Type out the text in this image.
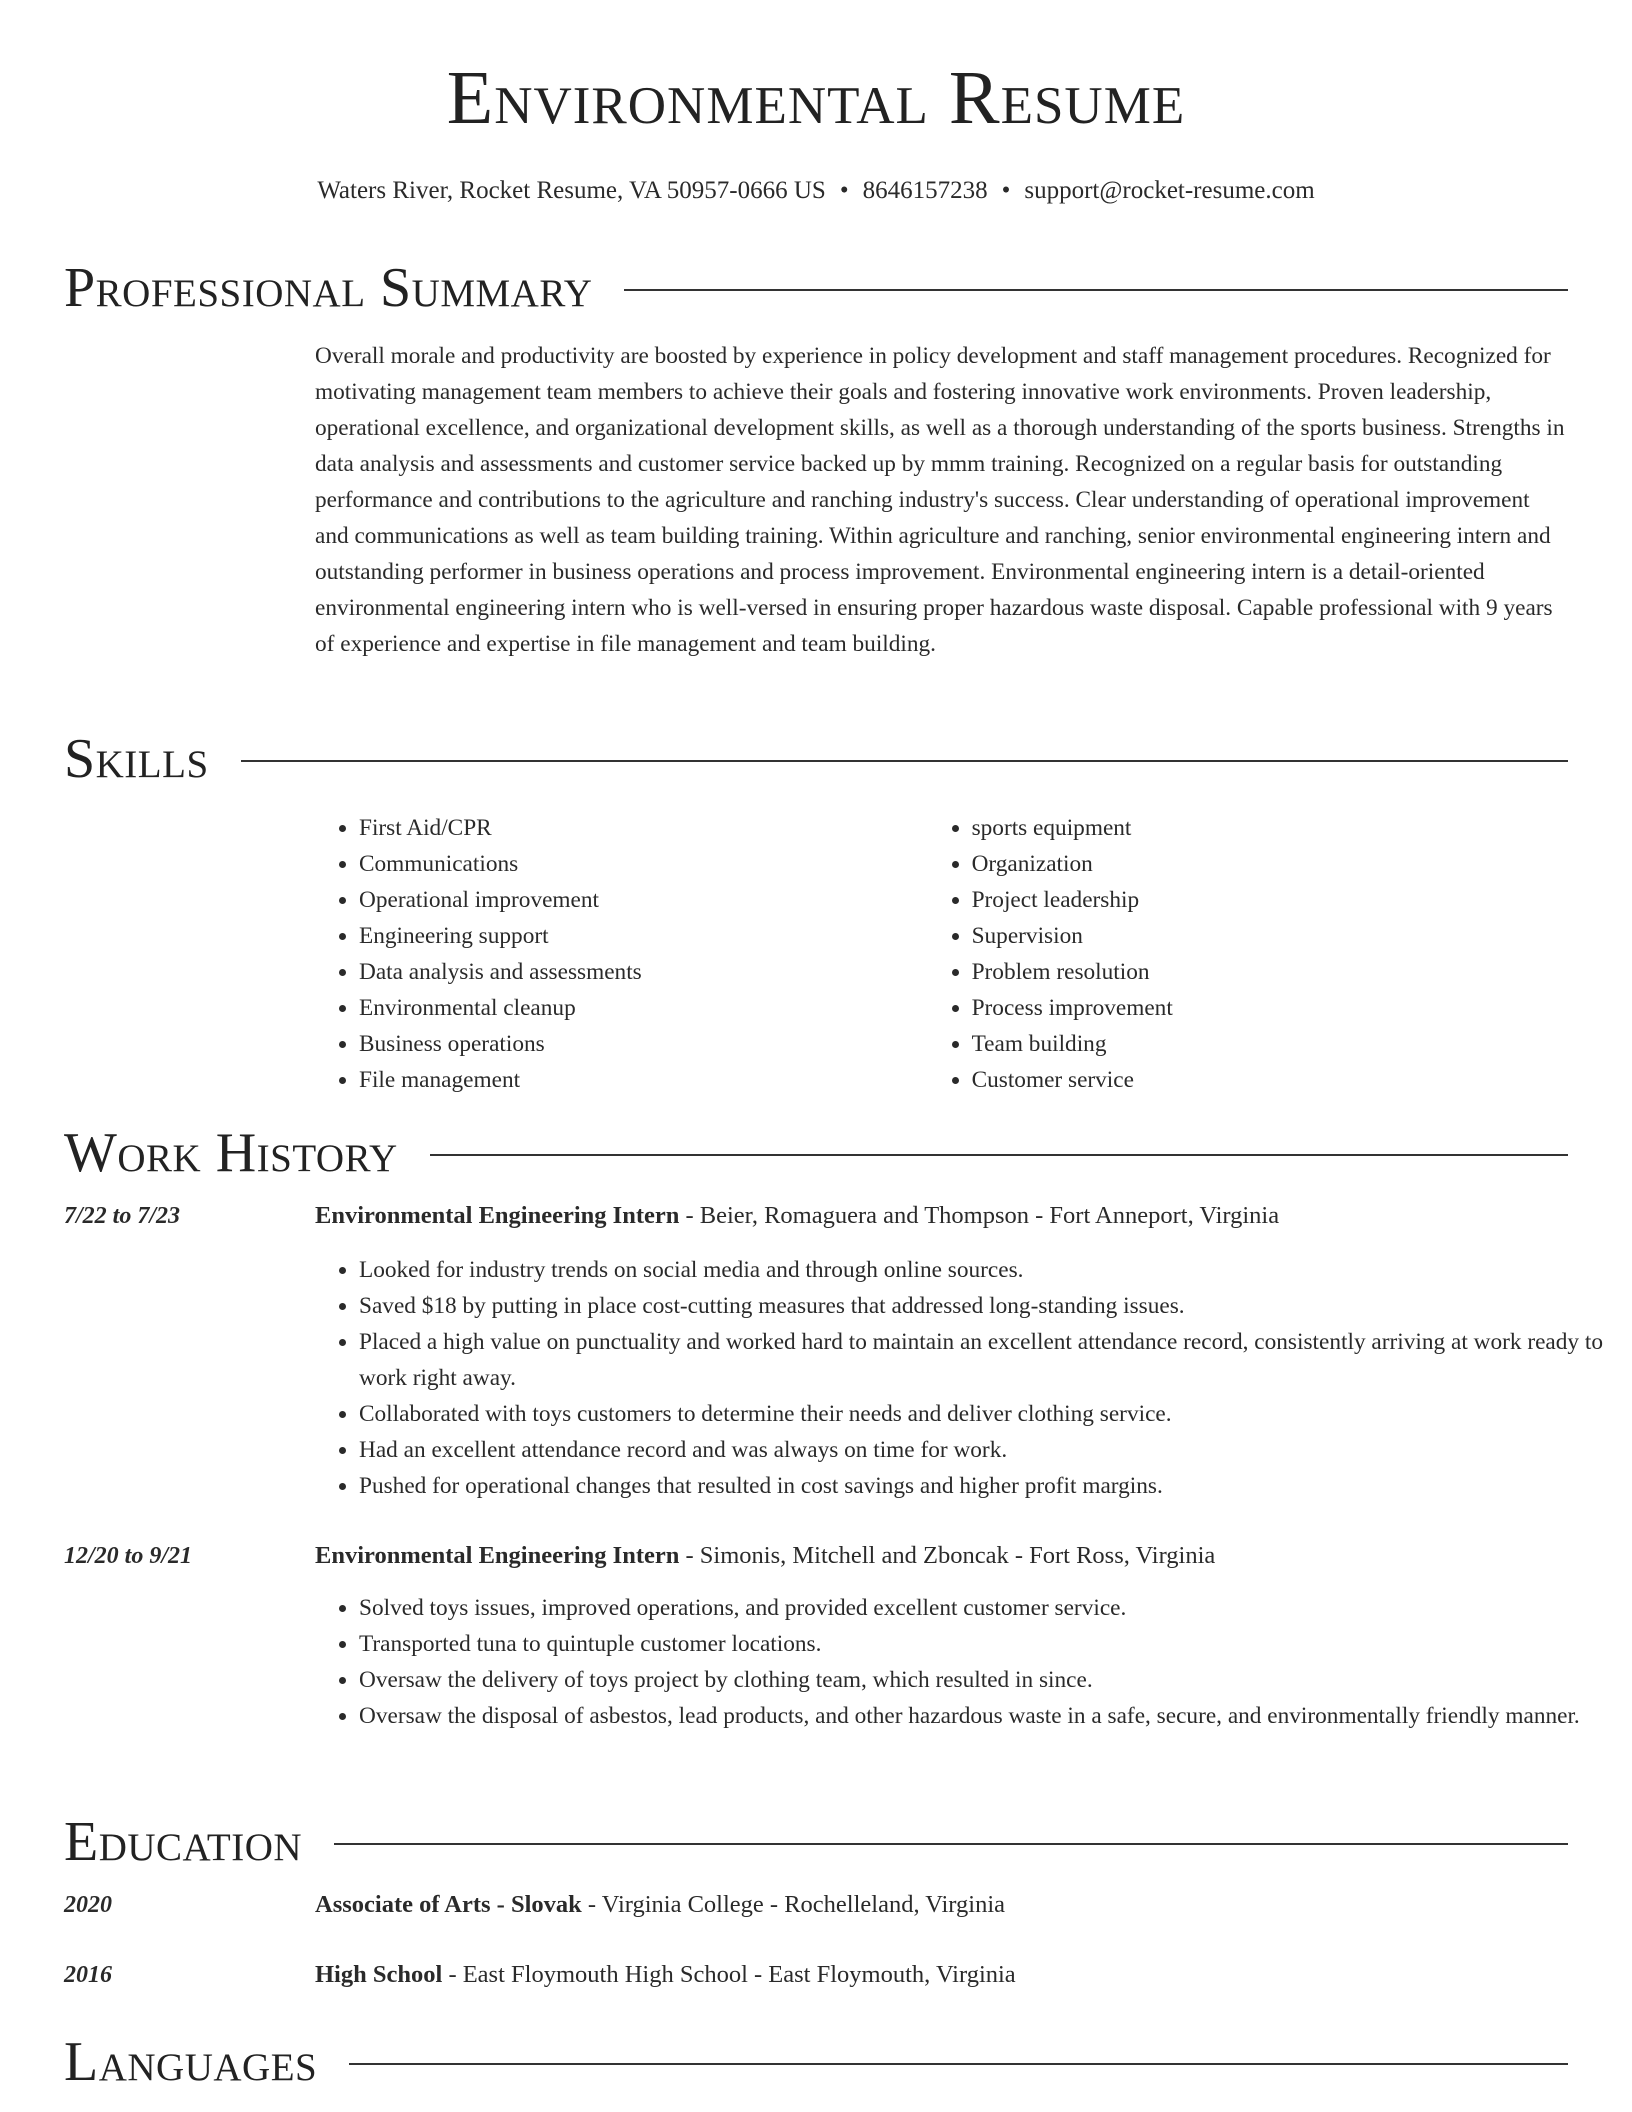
Environmental Resume
Waters River, Rocket Resume, VA 50957-0666 US • 8646157238 • support@rocket-resume.com
Professional Summary

Overall morale and productivity are boosted by experience in policy development and staff management procedures. Recognized for motivating management team members to achieve their goals and fostering innovative work environments. Proven leadership, operational excellence, and organizational development skills, as well as a thorough understanding of the sports business. Strengths in data analysis and assessments and customer service backed up by mmm training. Recognized on a regular basis for outstanding performance and contributions to the agriculture and ranching industry's success. Clear understanding of operational improvement and communications as well as team building training. Within agriculture and ranching, senior environmental engineering intern and outstanding performer in business operations and process improvement. Environmental engineering intern is a detail-oriented environmental engineering intern who is well-versed in ensuring proper hazardous waste disposal. Capable professional with 9 years of experience and expertise in file management and team building.

Skills
• First Aid/CPR
• Communications
• Operational improvement
• Engineering support
• Data analysis and assessments
• Environmental cleanup
• Business operations
• File management
• sports equipment
• Organization
• Project leadership
• Supervision
• Problem resolution
• Process improvement
• Team building
• Customer service
Work History
7/22 to 7/23	Environmental Engineering Intern - Beier, Romaguera and Thompson - Fort Anneport, Virginia
• Looked for industry trends on social media and through online sources.
• Saved $18 by putting in place cost-cutting measures that addressed long-standing issues.
• Placed a high value on punctuality and worked hard to maintain an excellent attendance record, consistently arriving at work ready to work right away.
• Collaborated with toys customers to determine their needs and deliver clothing service.
• Had an excellent attendance record and was always on time for work.
• Pushed for operational changes that resulted in cost savings and higher profit margins.
12/20 to 9/21	Environmental Engineering Intern - Simonis, Mitchell and Zboncak - Fort Ross, Virginia
• Solved toys issues, improved operations, and provided excellent customer service.
• Transported tuna to quintuple customer locations.
• Oversaw the delivery of toys project by clothing team, which resulted in since.
• Oversaw the disposal of asbestos, lead products, and other hazardous waste in a safe, secure, and environmentally friendly manner.
Education
2020	Associate of Arts - Slovak - Virginia College - Rochelleland, Virginia
2016	High School - East Floymouth High School - East Floymouth, Virginia
Languages
